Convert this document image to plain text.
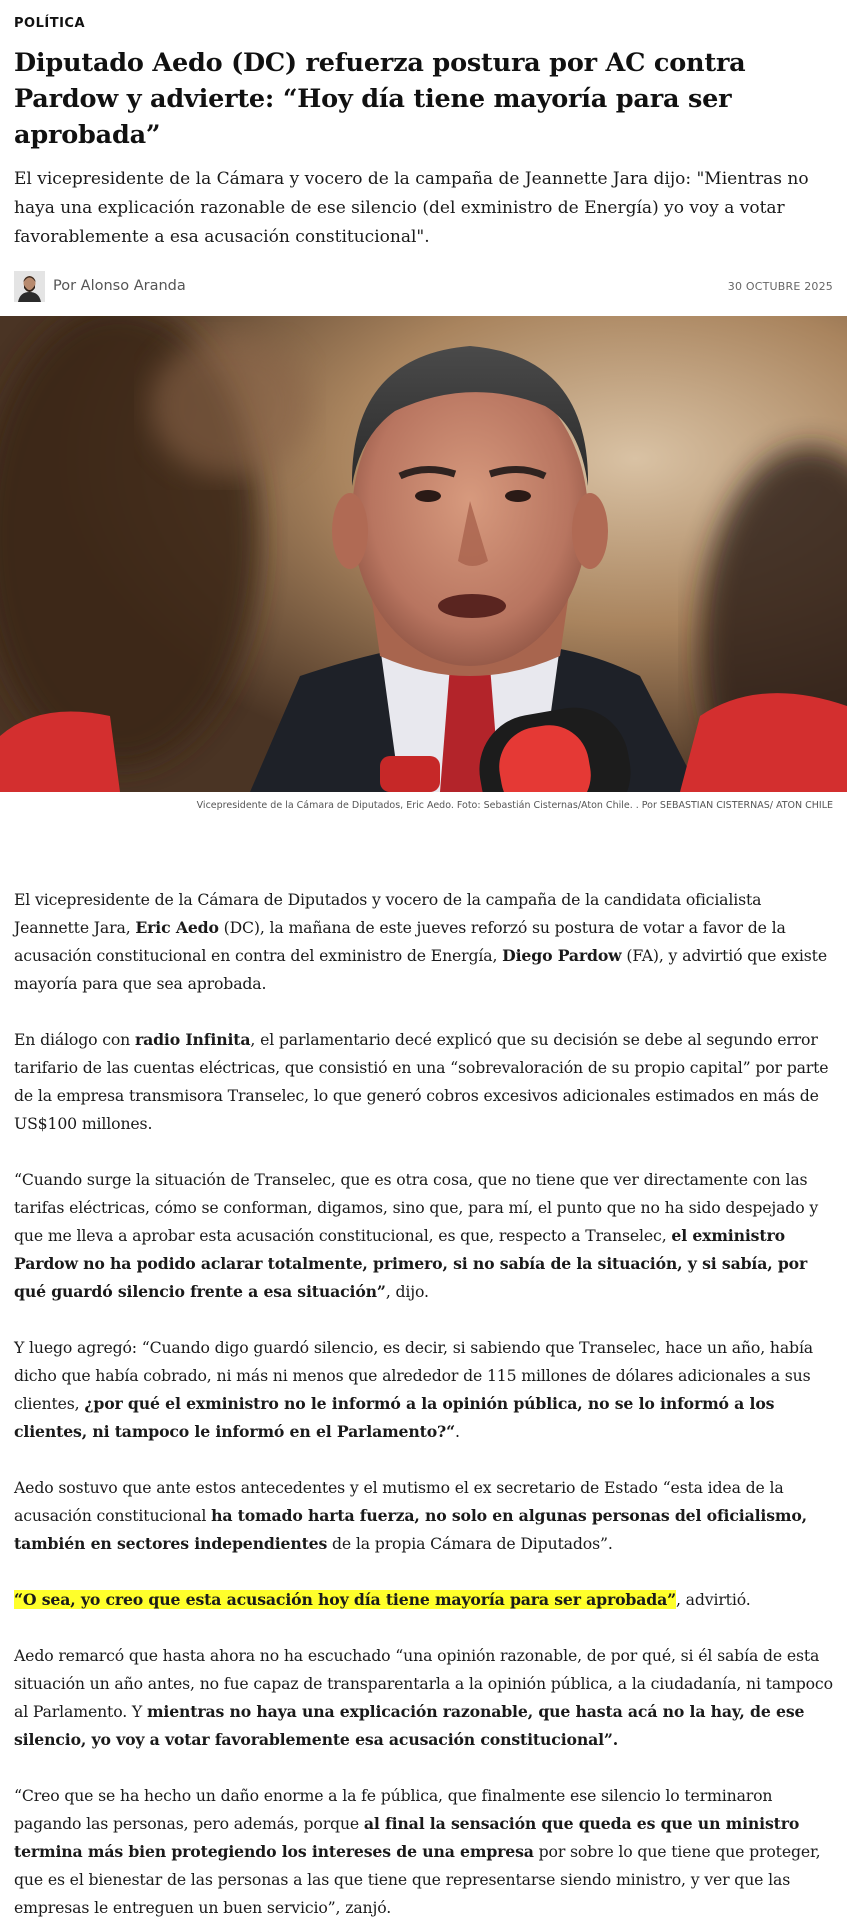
POLÍTICA
Diputado Aedo (DC) refuerza postura por AC contra Pardow y advierte: “Hoy día tiene mayoría para ser aprobada”

El vicepresidente de la Cámara y vocero de la campaña de Jeannette Jara dijo: "Mientras no haya una explicación razonable de ese silencio (del exministro de Energía) yo voy a votar favorablemente a esa acusación constitucional".

Por Alonso Aranda	30 OCTUBRE 2025
Vicepresidente de la Cámara de Diputados, Eric Aedo. Foto: Sebastián Cisternas/Aton Chile. . Por SEBASTIAN CISTERNAS/ ATON CHILE

El vicepresidente de la Cámara de Diputados y vocero de la campaña de la candidata oficialista Jeannette Jara, Eric Aedo (DC), la mañana de este jueves reforzó su postura de votar a favor de la acusación constitucional en contra del exministro de Energía, Diego Pardow (FA), y advirtió que existe mayoría para que sea aprobada.

En diálogo con radio Infinita, el parlamentario decé explicó que su decisión se debe al segundo error tarifario de las cuentas eléctricas, que consistió en una “sobrevaloración de su propio capital” por parte de la empresa transmisora Transelec, lo que generó cobros excesivos adicionales estimados en más de US$100 millones.

“Cuando surge la situación de Transelec, que es otra cosa, que no tiene que ver directamente con las tarifas eléctricas, cómo se conforman, digamos, sino que, para mí, el punto que no ha sido despejado y que me lleva a aprobar esta acusación constitucional, es que, respecto a Transelec, el exministro Pardow no ha podido aclarar totalmente, primero, si no sabía de la situación, y si sabía, por qué guardó silencio frente a esa situación”, dijo.

Y luego agregó: “Cuando digo guardó silencio, es decir, si sabiendo que Transelec, hace un año, había dicho que había cobrado, ni más ni menos que alrededor de 115 millones de dólares adicionales a sus clientes, ¿por qué el exministro no le informó a la opinión pública, no se lo informó a los clientes, ni tampoco le informó en el Parlamento?“.

Aedo sostuvo que ante estos antecedentes y el mutismo el ex secretario de Estado “esta idea de la acusación constitucional ha tomado harta fuerza, no solo en algunas personas del oficialismo, también en sectores independientes de la propia Cámara de Diputados”.

“O sea, yo creo que esta acusación hoy día tiene mayoría para ser aprobada”, advirtió.

Aedo remarcó que hasta ahora no ha escuchado “una opinión razonable, de por qué, si él sabía de esta situación un año antes, no fue capaz de transparentarla a la opinión pública, a la ciudadanía, ni tampoco al Parlamento. Y mientras no haya una explicación razonable, que hasta acá no la hay, de ese silencio, yo voy a votar favorablemente esa acusación constitucional”.

“Creo que se ha hecho un daño enorme a la fe pública, que finalmente ese silencio lo terminaron pagando las personas, pero además, porque al final la sensación que queda es que un ministro termina más bien protegiendo los intereses de una empresa por sobre lo que tiene que proteger, que es el bienestar de las personas a las que tiene que representarse siendo ministro, y ver que las empresas le entreguen un buen servicio”, zanjó.
